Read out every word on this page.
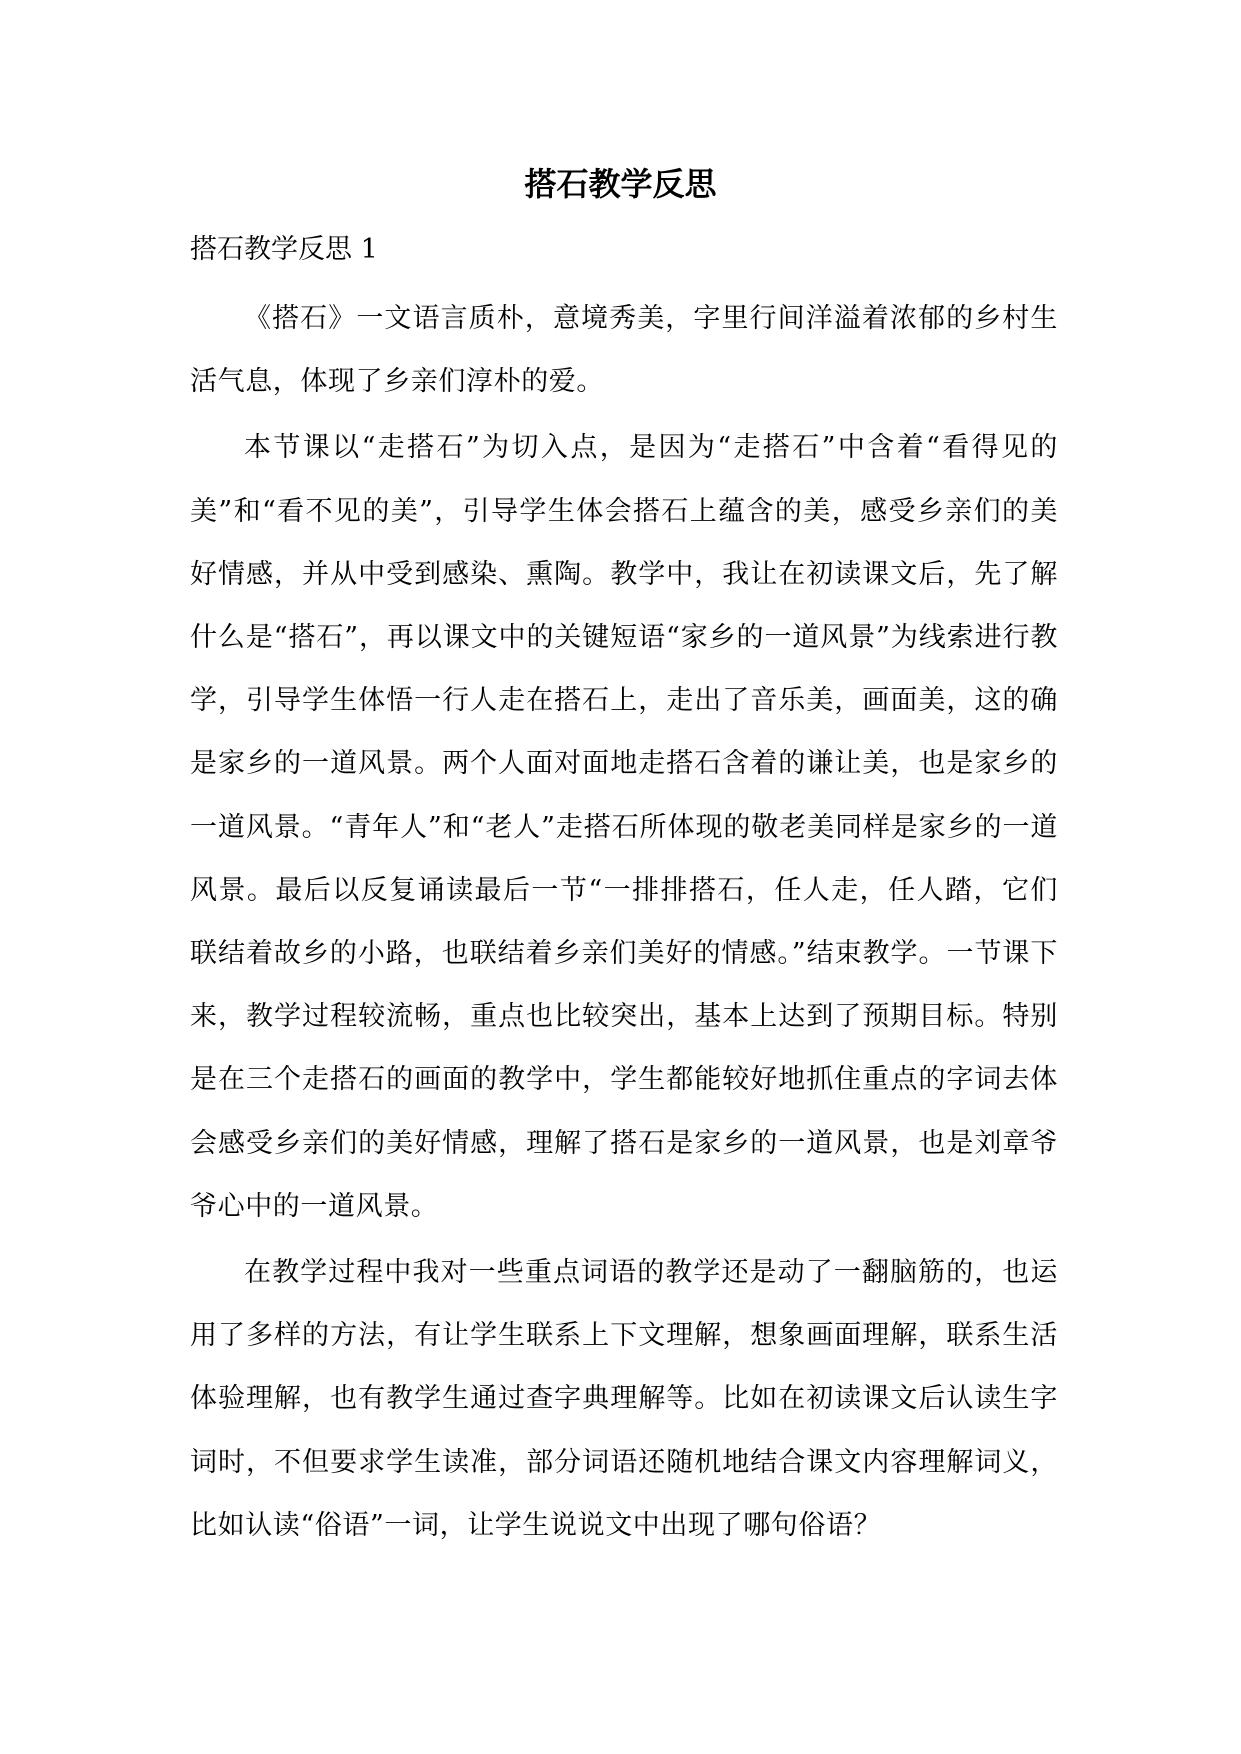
搭石教学反思
搭石教学反思 1

《搭石》一文语言质朴，意境秀美，字里行间洋溢着浓郁的乡村生活气息，体现了乡亲们淳朴的爱。

本节课以“走搭石”为切入点，是因为“走搭石”中含着“看得见的美”和“看不见的美”，引导学生体会搭石上蕴含的美，感受乡亲们的美好情感，并从中受到感染、熏陶。教学中，我让在初读课文后，先了解什么是“搭石”，再以课文中的关键短语“家乡的一道风景”为线索进行教学，引导学生体悟一行人走在搭石上，走出了音乐美，画面美，这的确是家乡的一道风景。两个人面对面地走搭石含着的谦让美，也是家乡的一道风景。“青年人”和“老人”走搭石所体现的敬老美同样是家乡的一道风景。最后以反复诵读最后一节“一排排搭石，任人走，任人踏，它们联结着故乡的小路，也联结着乡亲们美好的情感。”结束教学。一节课下来，教学过程较流畅，重点也比较突出，基本上达到了预期目标。特别是在三个走搭石的画面的教学中，学生都能较好地抓住重点的字词去体会感受乡亲们的美好情感，理解了搭石是家乡的一道风景，也是刘章爷爷心中的一道风景。

在教学过程中我对一些重点词语的教学还是动了一翻脑筋的，也运用了多样的方法，有让学生联系上下文理解，想象画面理解，联系生活体验理解，也有教学生通过查字典理解等。比如在初读课文后认读生字词时，不但要求学生读准，部分词语还随机地结合课文内容理解词义，比如认读“俗语”一词，让学生说说文中出现了哪句俗语？
